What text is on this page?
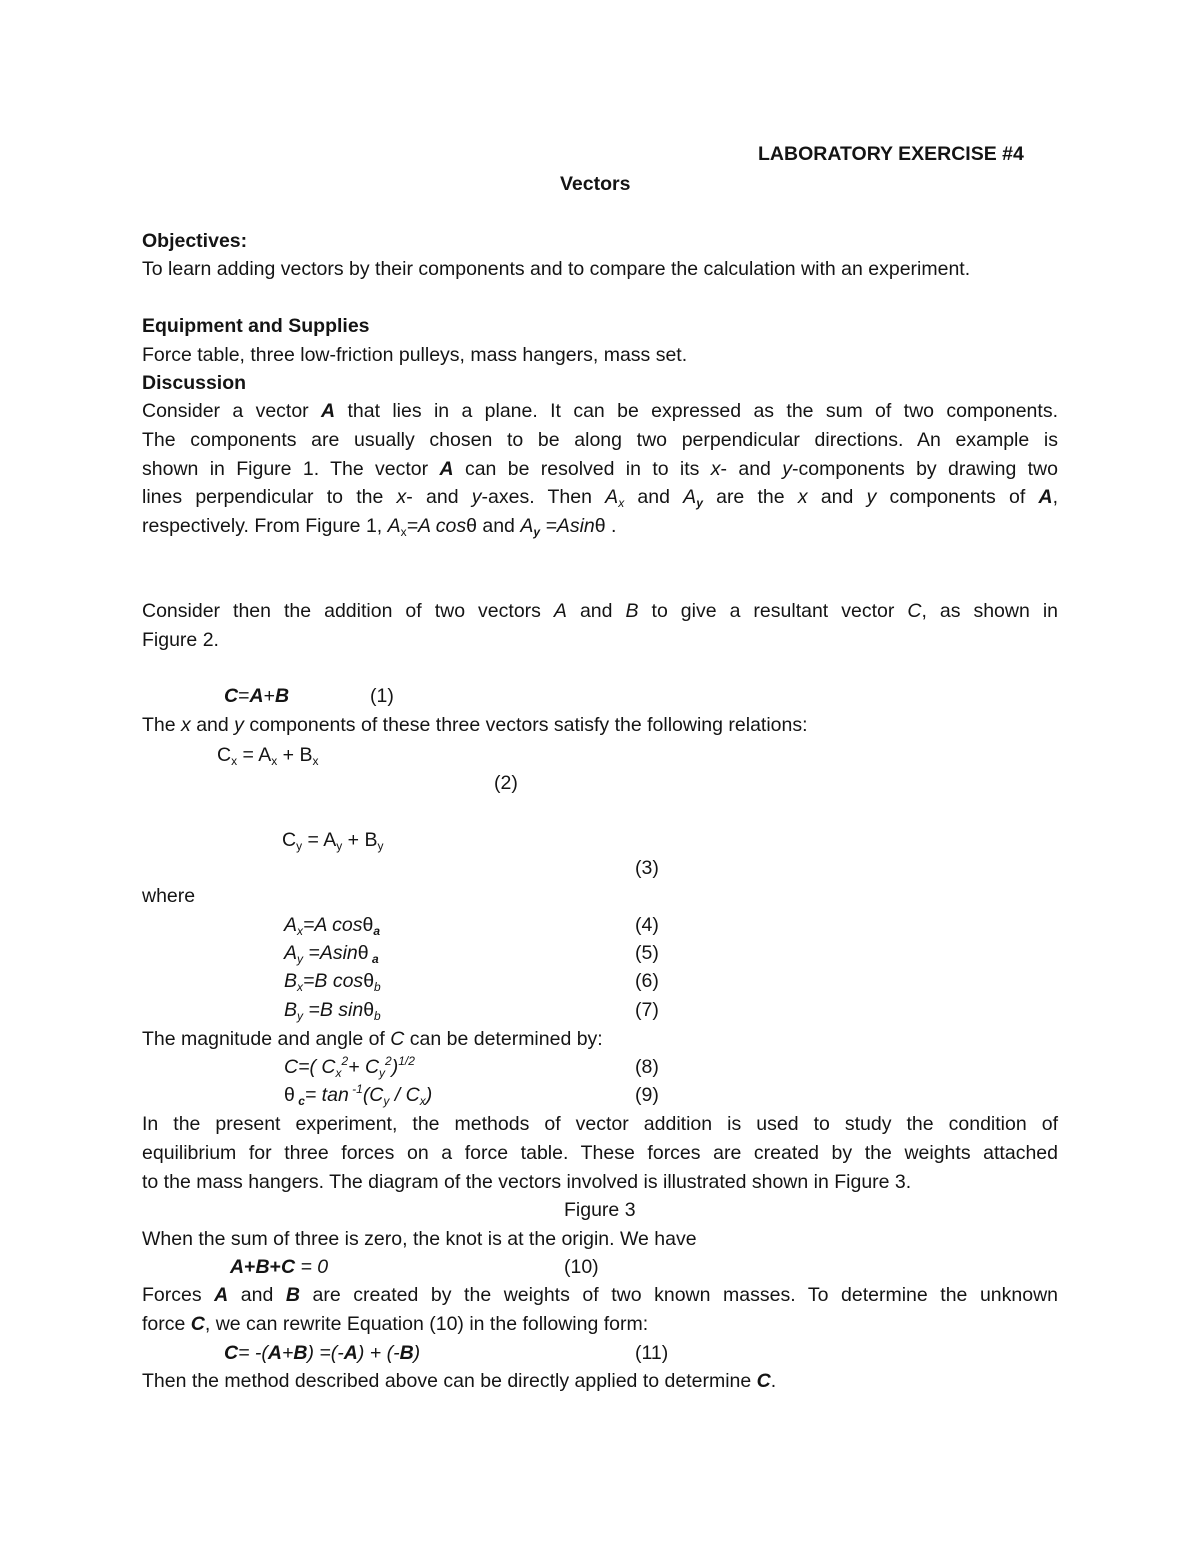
LABORATORY EXERCISE #4
Vectors
Objectives:
To learn adding vectors by their components and to compare the calculation with an experiment.
Equipment and Supplies
Force table, three low-friction pulleys, mass hangers, mass set.
Discussion
Consider a vector A that lies in a plane. It can be expressed as the sum of two components.
The components are usually chosen to be along two perpendicular directions. An example is
shown in Figure 1. The vector A can be resolved in to its x- and y-components by drawing two
lines perpendicular to the x- and y-axes. Then $A_x$ and $A_y$ are the x and y components of A,
respectively. From Figure 1, $A_x=A$ cosθ and $A_y =Asin\theta$ .
Consider then the addition of two vectors A and B to give a resultant vector C, as shown in
Figure 2.
C=A+B	(1)
The x and y components of these three vectors satisfy the following relations:
$C_x = A_x + B_x$
(2)
$C_y = A_y + B_y$
(3)
where
$A_x=A$ cosθ$_a$	(4)
$A_y =Asin\theta$ $_a$	(5)
$B_x=B$ cosθ$_b$	(6)
$B_y =B$ sinθ$_b$	(7)
The magnitude and angle of C can be determined by:
C=( $C_x^2+ C_y^2)^{1/2}$	(8)
θ $_c= \tan ^{-1}(C_y / C_x)$	(9)
In the present experiment, the methods of vector addition is used to study the condition of
equilibrium for three forces on a force table. These forces are created by the weights attached
to the mass hangers. The diagram of the vectors involved is illustrated shown in Figure 3.
Figure 3
When the sum of three is zero, the knot is at the origin. We have
A+B+C = 0	(10)
Forces A and B are created by the weights of two known masses. To determine the unknown
force C, we can rewrite Equation (10) in the following form:
C= -(A+B) =(-A) + (-B)	(11)
Then the method described above can be directly applied to determine C.
